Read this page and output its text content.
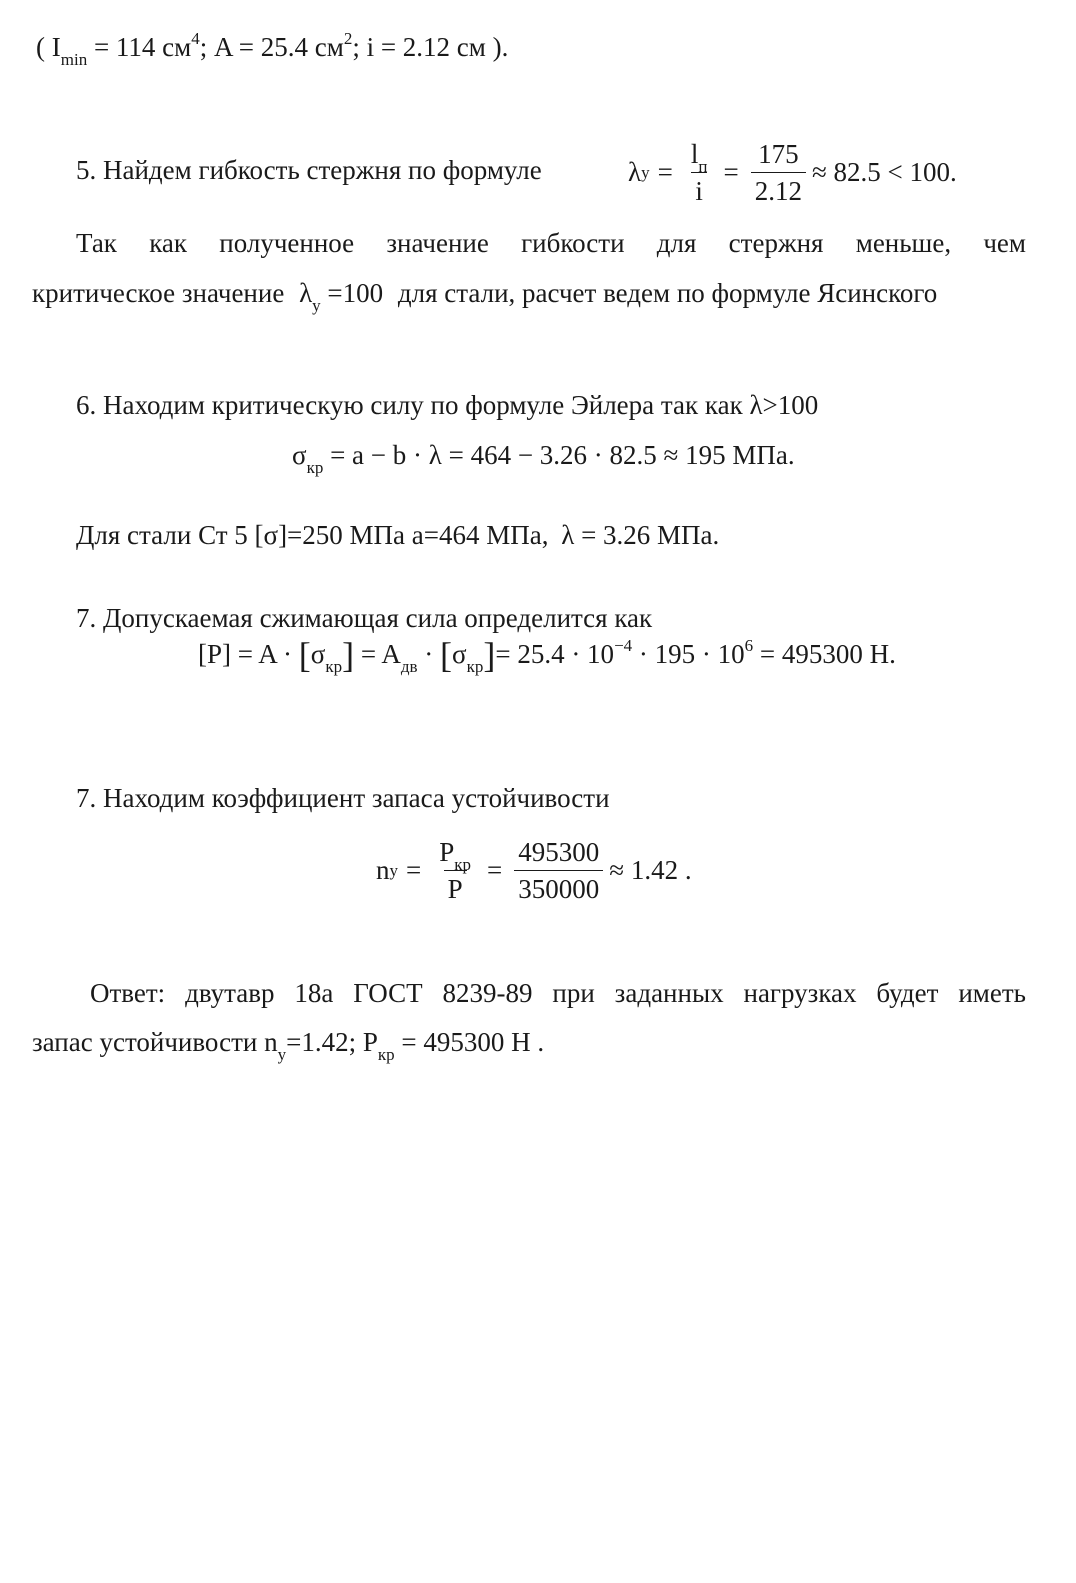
( $I_{min} = 114$ $см^4$; A = 25.4 $см^2$; i = 2.12 см ).
5. Найдем гибкость стержня по формуле	λ $y = \frac{l_п}{i} = \frac{175}{2.12} \approx 82.5 < 100$.
Так как полученное значение гибкости для стержня меньше, чем
критическое значение $\lambda_y =100$ для стали, расчет ведем по формуле Ясинского
6. Находим критическую силу по формуле Эйлера так как λ>100
$\sigma_{кр} = a - b \cdot \lambda = 464 - 3.26 \cdot 82.5 \approx 195$ МПа.
Для стали Ст 5 [σ]=250 МПа a=464 МПа, λ = 3.26 МПа.
7. Допускаемая сжимающая сила определится как
$[P] = A \cdot [\sigma_{кр}] = A_{дв} \cdot [\sigma_{кр}]= 25.4 \cdot 10^{-4} \cdot 195 \cdot 10^6 = 495300$ Н.
7. Находим коэффициент запаса устойчивости
n $y = \frac{P_{кр}}{P} = \frac{495300}{350000} \approx 1.42$ .
Ответ: двутавр 18а ГОСТ 8239-89 при заданных нагрузках будет иметь
запас устойчивости $n_y=1.42$; $P_{кр} = 495300$ Н .
